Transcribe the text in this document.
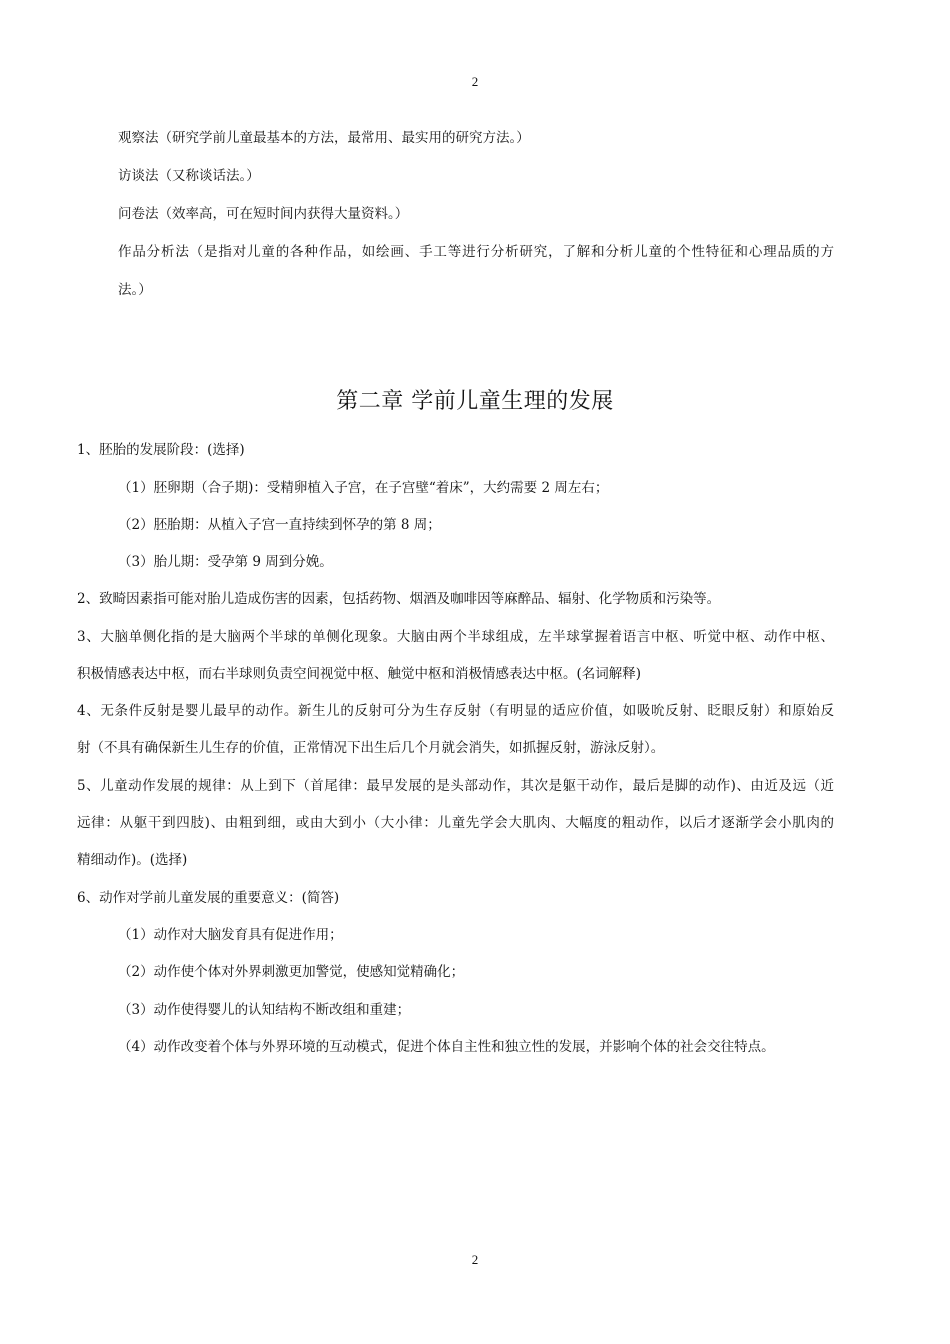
2
观察法（研究学前儿童最基本的方法，最常用、最实用的研究方法。）
访谈法（又称谈话法。）
问卷法（效率高，可在短时间内获得大量资料。）
作品分析法（是指对儿童的各种作品，如绘画、手工等进行分析研究，了解和分析儿童的个性特征和心理品质的方
法。）
第二章 学前儿童生理的发展
1、胚胎的发展阶段：(选择)
（1）胚卵期（合子期)：受精卵植入子宫，在子宫壁“着床”，大约需要 2 周左右；
（2）胚胎期：从植入子宫一直持续到怀孕的第 8 周；
（3）胎儿期：受孕第 9 周到分娩。
2、致畸因素指可能对胎儿造成伤害的因素，包括药物、烟酒及咖啡因等麻醉品、辐射、化学物质和污染等。
3、大脑单侧化指的是大脑两个半球的单侧化现象。大脑由两个半球组成，左半球掌握着语言中枢、听觉中枢、动作中枢、
积极情感表达中枢，而右半球则负责空间视觉中枢、触觉中枢和消极情感表达中枢。(名词解释)
4、无条件反射是婴儿最早的动作。新生儿的反射可分为生存反射（有明显的适应价值，如吸吮反射、眨眼反射）和原始反
射（不具有确保新生儿生存的价值，正常情况下出生后几个月就会消失，如抓握反射，游泳反射）。
5、儿童动作发展的规律：从上到下（首尾律：最早发展的是头部动作，其次是躯干动作，最后是脚的动作)、由近及远（近
远律：从躯干到四肢)、由粗到细，或由大到小（大小律：儿童先学会大肌肉、大幅度的粗动作，以后才逐渐学会小肌肉的
精细动作)。(选择)
6、动作对学前儿童发展的重要意义：(简答)
（1）动作对大脑发育具有促进作用；
（2）动作使个体对外界刺激更加警觉，使感知觉精确化；
（3）动作使得婴儿的认知结构不断改组和重建；
（4）动作改变着个体与外界环境的互动模式，促进个体自主性和独立性的发展，并影响个体的社会交往特点。
2
